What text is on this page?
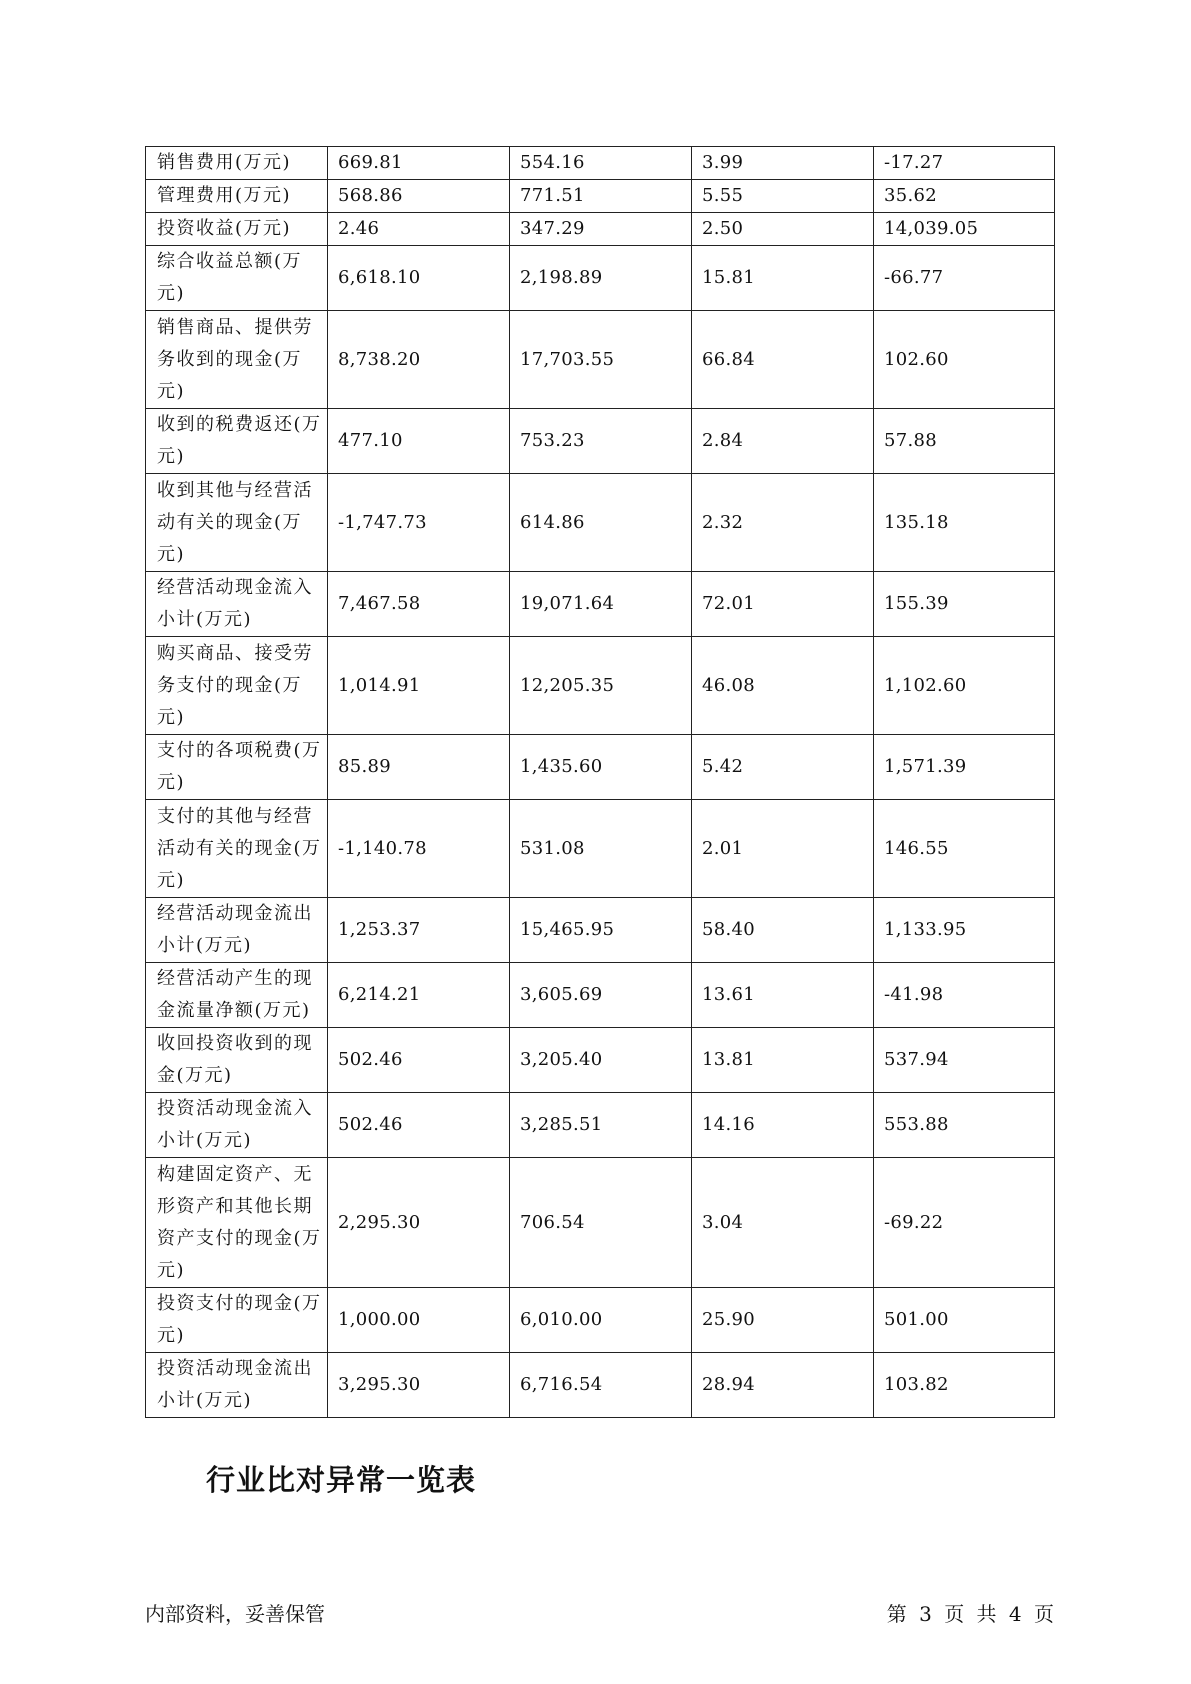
销售费用(万元)	669.81	554.16	3.99	-17.27

管理费用(万元)	568.86	771.51	5.55	35.62

投资收益(万元)	2.46	347.29	2.50	14,039.05

综合收益总额(万元)	6,618.10	2,198.89	15.81	-66.77

销售商品、提供劳务收到的现金(万元)	8,738.20	17,703.55	66.84	102.60

收到的税费返还(万元)	477.10	753.23	2.84	57.88

收到其他与经营活动有关的现金(万元)	-1,747.73	614.86	2.32	135.18

经营活动现金流入小计(万元)	7,467.58	19,071.64	72.01	155.39

购买商品、接受劳务支付的现金(万元)	1,014.91	12,205.35	46.08	1,102.60

支付的各项税费(万元)	85.89	1,435.60	5.42	1,571.39

支付的其他与经营活动有关的现金(万元)	-1,140.78	531.08	2.01	146.55

经营活动现金流出小计(万元)	1,253.37	15,465.95	58.40	1,133.95

经营活动产生的现金流量净额(万元)	6,214.21	3,605.69	13.61	-41.98

收回投资收到的现金(万元)	502.46	3,205.40	13.81	537.94

投资活动现金流入小计(万元)	502.46	3,285.51	14.16	553.88

构建固定资产、无形资产和其他长期资产支付的现金(万元)	2,295.30	706.54	3.04	-69.22

投资支付的现金(万元)	1,000.00	6,010.00	25.90	501.00

投资活动现金流出小计(万元)	3,295.30	6,716.54	28.94	103.82
行业比对异常一览表
内部资料，妥善保管	第 3 页 共 4 页
